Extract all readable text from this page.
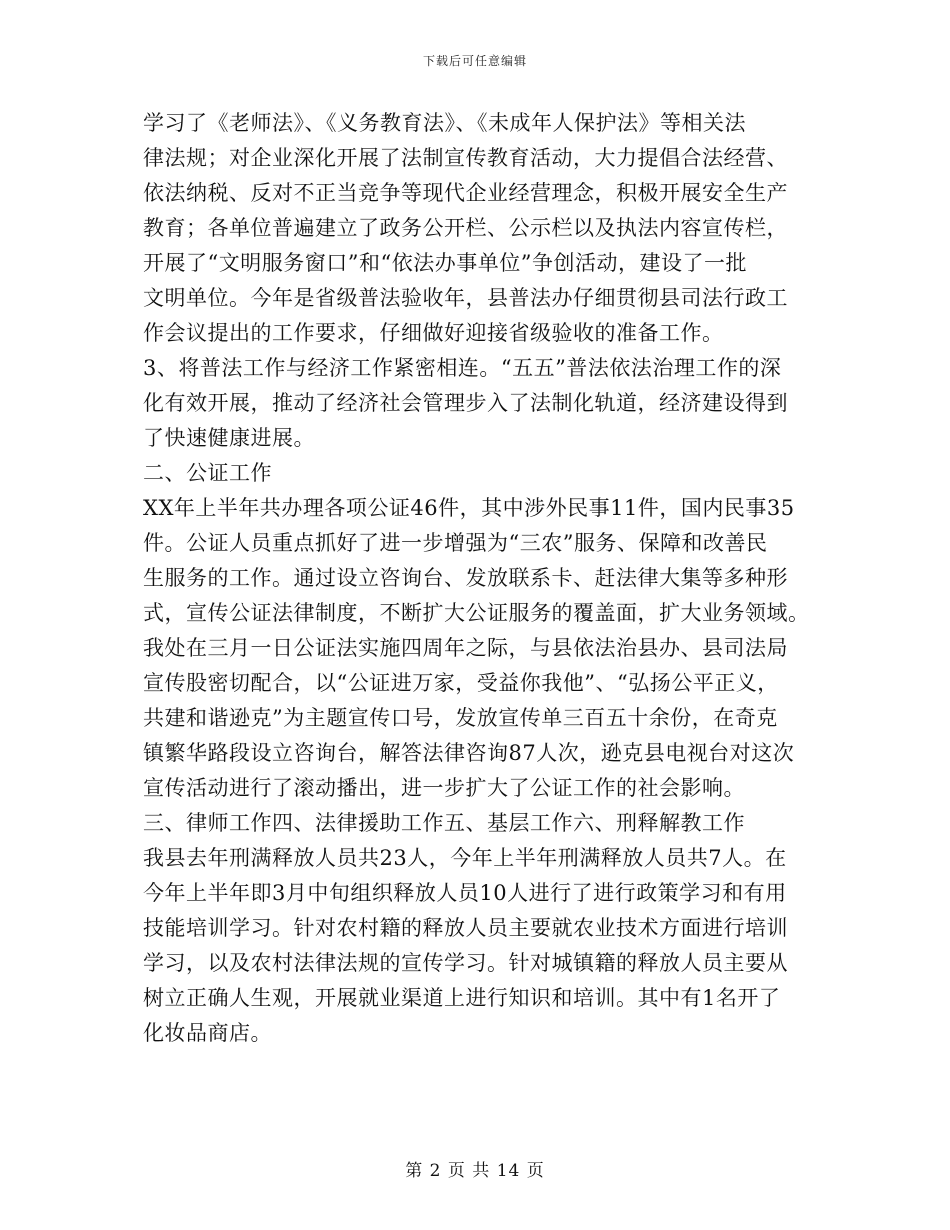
下载后可任意编辑
学习了《老师法》、《义务教育法》、《未成年人保护法》等相关法
律法规；对企业深化开展了法制宣传教育活动，大力提倡合法经营、
依法纳税、反对不正当竞争等现代企业经营理念，积极开展安全生产
教育；各单位普遍建立了政务公开栏、公示栏以及执法内容宣传栏，
开展了“文明服务窗口”和“依法办事单位”争创活动，建设了一批
文明单位。今年是省级普法验收年，县普法办仔细贯彻县司法行政工
作会议提出的工作要求，仔细做好迎接省级验收的准备工作。
3、将普法工作与经济工作紧密相连。“五五”普法依法治理工作的深
化有效开展，推动了经济社会管理步入了法制化轨道，经济建设得到
了快速健康进展。
二、公证工作
XX年上半年共办理各项公证46件，其中涉外民事11件，国内民事35
件。公证人员重点抓好了进一步增强为“三农”服务、保障和改善民
生服务的工作。通过设立咨询台、发放联系卡、赶法律大集等多种形
式，宣传公证法律制度，不断扩大公证服务的覆盖面，扩大业务领域。
我处在三月一日公证法实施四周年之际，与县依法治县办、县司法局
宣传股密切配合，以“公证进万家，受益你我他”、“弘扬公平正义，
共建和谐逊克”为主题宣传口号，发放宣传单三百五十余份，在奇克
镇繁华路段设立咨询台，解答法律咨询87人次，逊克县电视台对这次
宣传活动进行了滚动播出，进一步扩大了公证工作的社会影响。
三、律师工作四、法律援助工作五、基层工作六、刑释解教工作
我县去年刑满释放人员共23人，今年上半年刑满释放人员共7人。在
今年上半年即3月中旬组织释放人员10人进行了进行政策学习和有用
技能培训学习。针对农村籍的释放人员主要就农业技术方面进行培训
学习，以及农村法律法规的宣传学习。针对城镇籍的释放人员主要从
树立正确人生观，开展就业渠道上进行知识和培训。其中有1名开了
化妆品商店。
第 2 页 共 14 页
